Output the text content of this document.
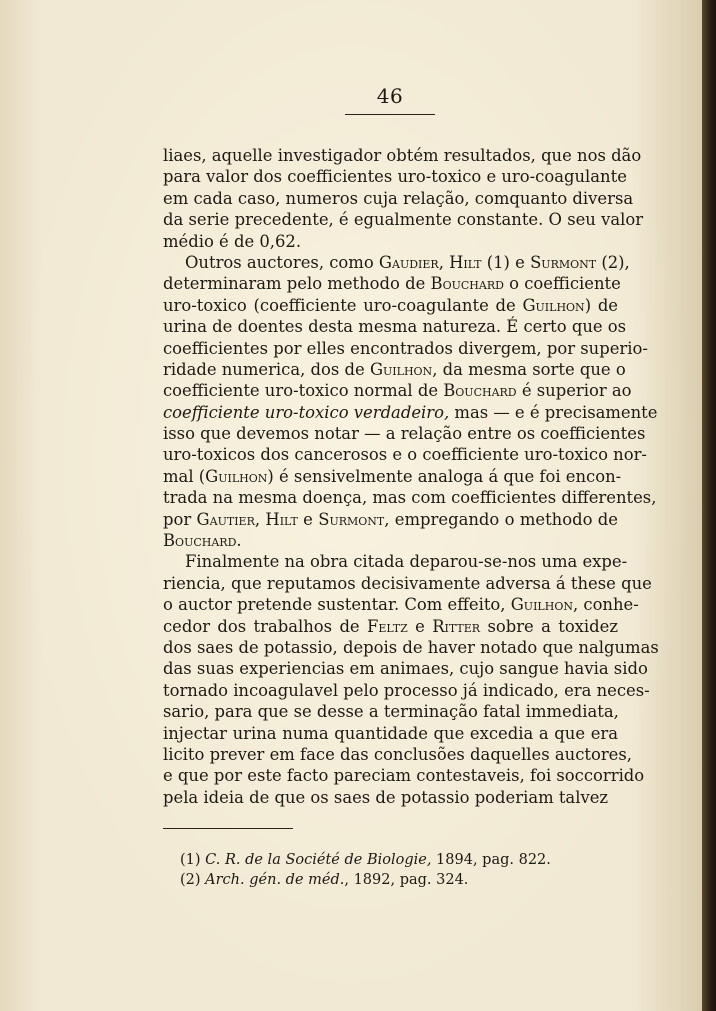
46
liaes, aquelle investigador obtém resultados, que nos dão
para valor dos coefficientes uro-toxico e uro-coagulante
em cada caso, numeros cuja relação, comquanto diversa
da serie precedente, é egualmente constante. O seu valor
médio é de 0,62.
Outros auctores, como Gaudier, Hilt (1) e Surmont (2),
determinaram pelo methodo de Bouchard o coefficiente
uro-toxico (coefficiente uro-coagulante de Guilhon) de
urina de doentes desta mesma natureza. É certo que os
coefficientes por elles encontrados divergem, por superio-
ridade numerica, dos de Guilhon, da mesma sorte que o
coefficiente uro-toxico normal de Bouchard é superior ao
coefficiente uro-toxico verdadeiro, mas — e é precisamente
isso que devemos notar — a relação entre os coefficientes
uro-toxicos dos cancerosos e o coefficiente uro-toxico nor-
mal (Guilhon) é sensivelmente analoga á que foi encon-
trada na mesma doença, mas com coefficientes differentes,
por Gautier, Hilt e Surmont, empregando o methodo de
Bouchard.
Finalmente na obra citada deparou-se-nos uma expe-
riencia, que reputamos decisivamente adversa á these que
o auctor pretende sustentar. Com effeito, Guilhon, conhe-
cedor dos trabalhos de Feltz e Ritter sobre a toxidez
dos saes de potassio, depois de haver notado que nalgumas
das suas experiencias em animaes, cujo sangue havia sido
tornado incoagulavel pelo processo já indicado, era neces-
sario, para que se desse a terminação fatal immediata,
injectar urina numa quantidade que excedia a que era
licito prever em face das conclusões daquelles auctores,
e que por este facto pareciam contestaveis, foi soccorrido
pela ideia de que os saes de potassio poderiam talvez
(1) C. R. de la Société de Biologie, 1894, pag. 822.
(2) Arch. gén. de méd., 1892, pag. 324.
